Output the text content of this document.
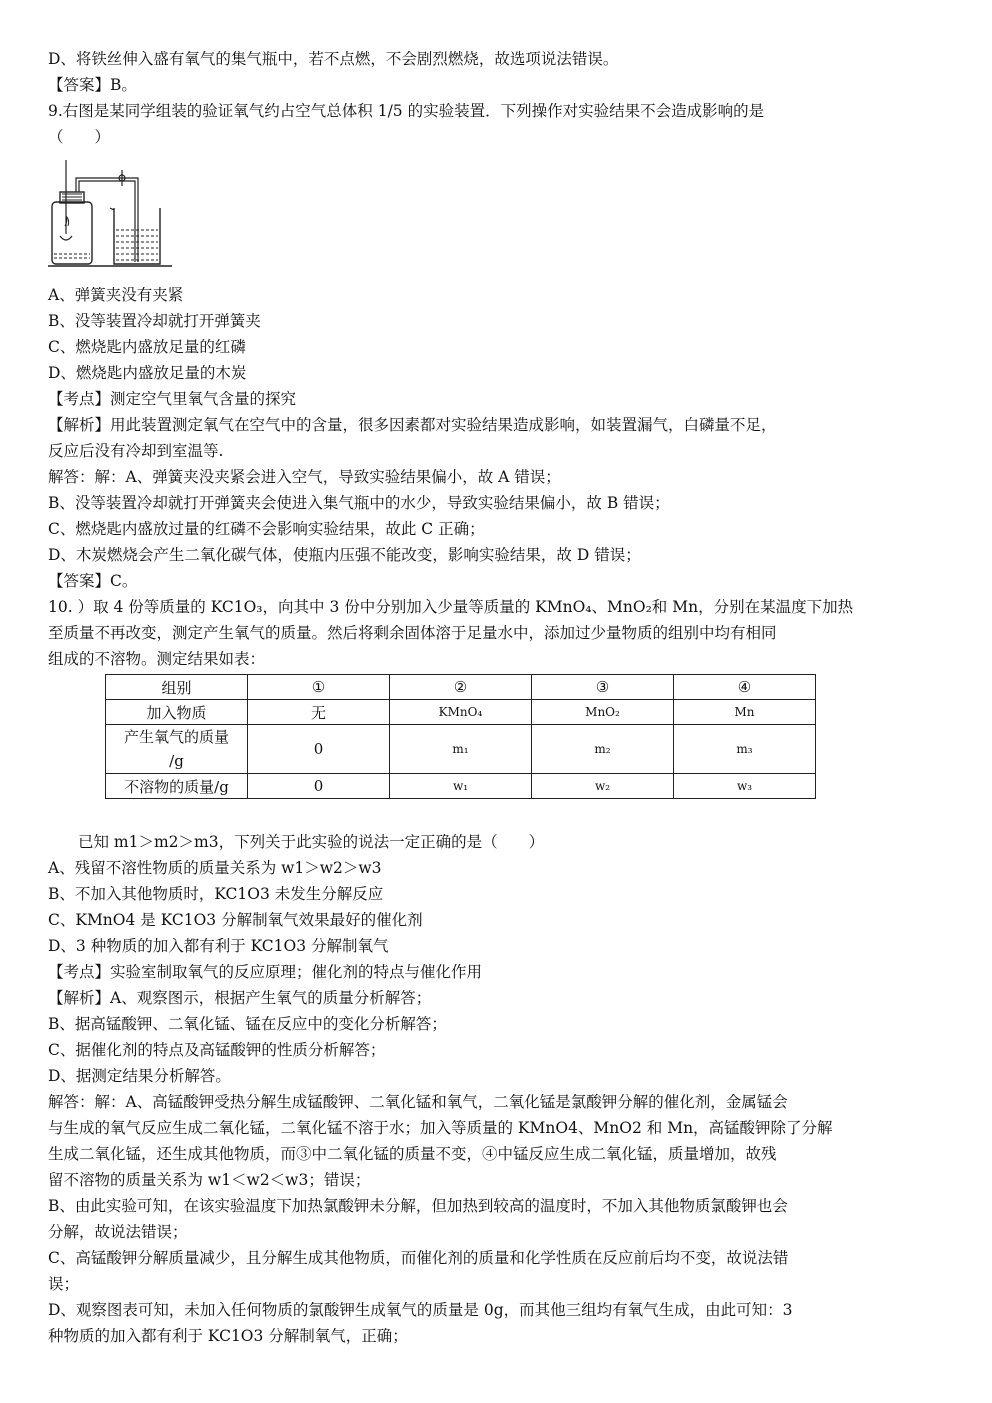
D、将铁丝伸入盛有氧气的集气瓶中，若不点燃，不会剧烈燃烧，故选项说法错误。
【答案】B。
9.右图是某同学组装的验证氧气约占空气总体积 1/5 的实验装置．下列操作对实验结果不会造成影响的是
（　　）
A、弹簧夹没有夹紧
B、没等装置冷却就打开弹簧夹
C、燃烧匙内盛放足量的红磷
D、燃烧匙内盛放足量的木炭
【考点】测定空气里氧气含量的探究
【解析】用此装置测定氧气在空气中的含量，很多因素都对实验结果造成影响，如装置漏气，白磷量不足，
反应后没有冷却到室温等.
解答：解：A、弹簧夹没夹紧会进入空气，导致实验结果偏小，故 A 错误；
B、没等装置冷却就打开弹簧夹会使进入集气瓶中的水少，导致实验结果偏小，故 B 错误；
C、燃烧匙内盛放过量的红磷不会影响实验结果，故此 C 正确；
D、木炭燃烧会产生二氧化碳气体，使瓶内压强不能改变，影响实验结果，故 D 错误；
【答案】C。
10. ）取 4 份等质量的 KC1O₃，向其中 3 份中分别加入少量等质量的 KMnO₄、MnO₂和 Mn，分别在某温度下加热
至质量不再改变，测定产生氧气的质量。然后将剩余固体溶于足量水中，添加过少量物质的组别中均有相同
组成的不溶物。测定结果如表：
组别	①	②	③	④
加入物质	无	KMnO₄	MnO₂	Mn

产生氧气的质量
/g	0	m₁	m₂	m₃
不溶物的质量/g	0	w₁	w₂	w₃
已知 m1＞m2＞m3，下列关于此实验的说法一定正确的是（　　）
A、残留不溶性物质的质量关系为 w1＞w2＞w3
B、不加入其他物质时，KC1O3 未发生分解反应
C、KMnO4 是 KC1O3 分解制氧气效果最好的催化剂
D、3 种物质的加入都有利于 KC1O3 分解制氧气
【考点】实验室制取氧气的反应原理；催化剂的特点与催化作用
【解析】A、观察图示，根据产生氧气的质量分析解答；
B、据高锰酸钾、二氧化锰、锰在反应中的变化分析解答；
C、据催化剂的特点及高锰酸钾的性质分析解答；
D、据测定结果分析解答。
解答：解：A、高锰酸钾受热分解生成锰酸钾、二氧化锰和氧气，二氧化锰是氯酸钾分解的催化剂，金属锰会
与生成的氧气反应生成二氧化锰，二氧化锰不溶于水；加入等质量的 KMnO4、MnO2 和 Mn，高锰酸钾除了分解
生成二氧化锰，还生成其他物质，而③中二氧化锰的质量不变，④中锰反应生成二氧化锰，质量增加，故残
留不溶物的质量关系为 w1＜w2＜w3；错误；
B、由此实验可知，在该实验温度下加热氯酸钾未分解，但加热到较高的温度时，不加入其他物质氯酸钾也会
分解，故说法错误；
C、高锰酸钾分解质量减少，且分解生成其他物质，而催化剂的质量和化学性质在反应前后均不变，故说法错
误；
D、观察图表可知，未加入任何物质的氯酸钾生成氧气的质量是 0g，而其他三组均有氧气生成，由此可知：3
种物质的加入都有利于 KC1O3 分解制氧气，正确；
